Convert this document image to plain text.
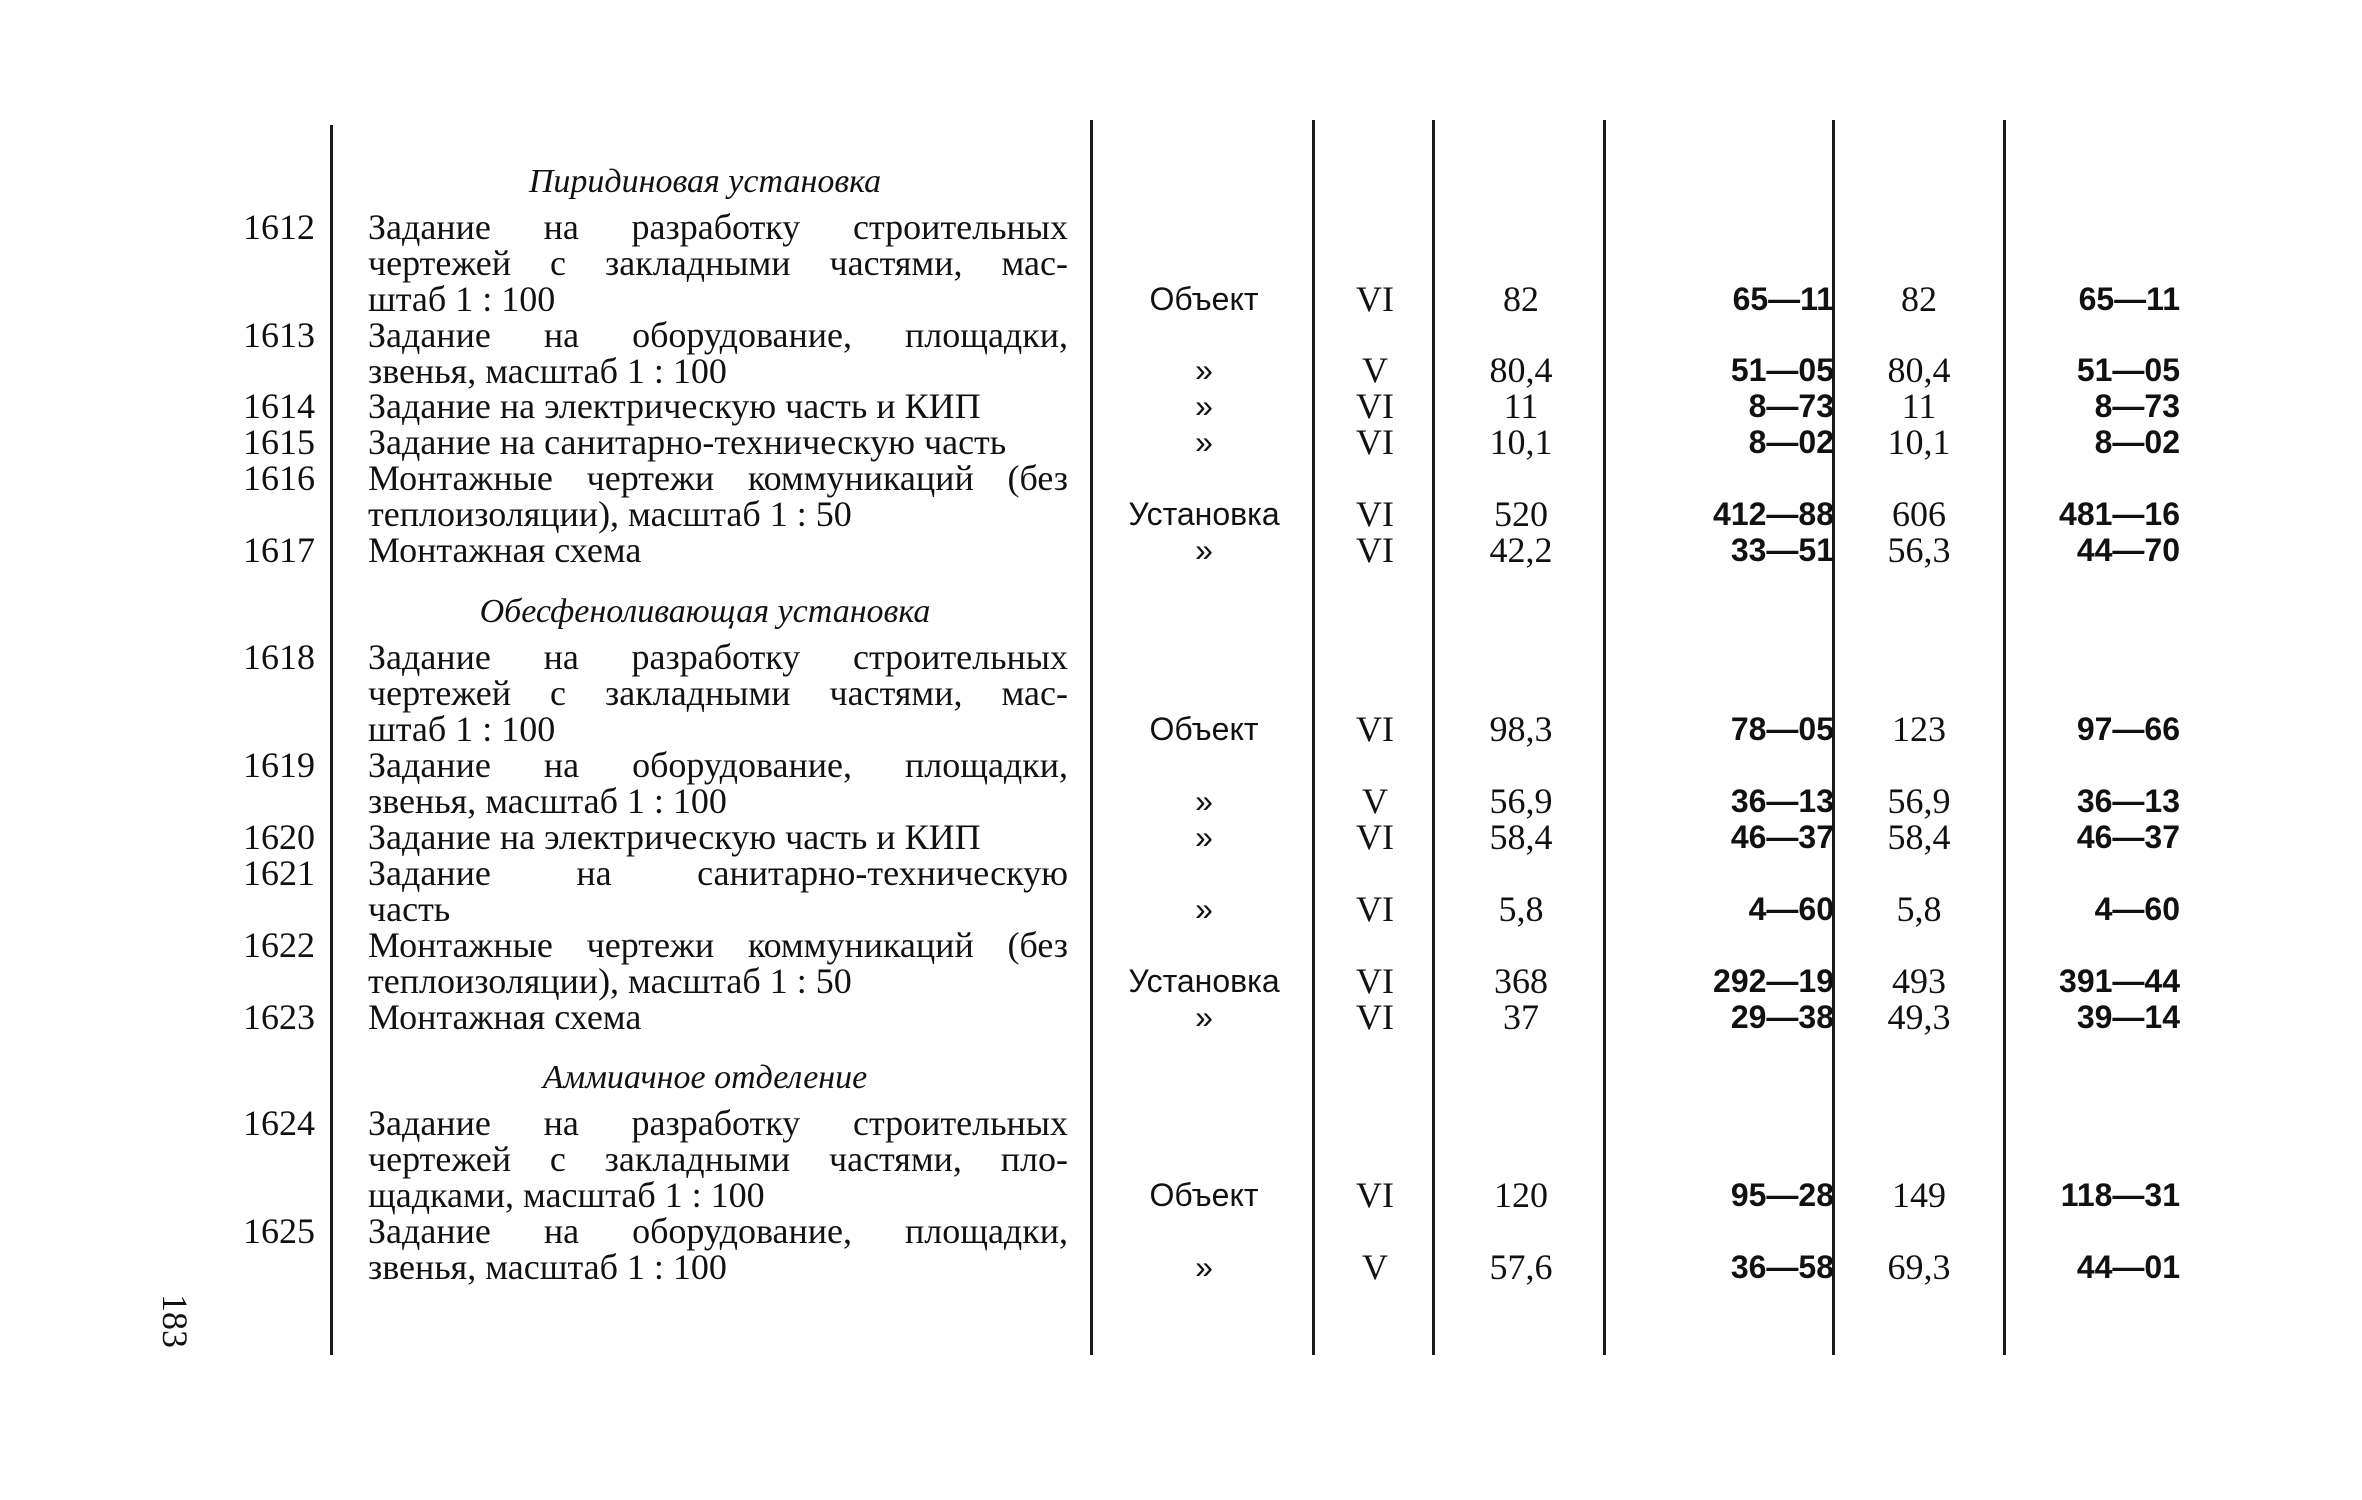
Пиридиновая установка
1612 Задание на разработку строительных
чертежей с закладными частями, мас-
штаб 1 : 100	Объект	VI	82	65—11	82	65—11
1613 Задание на оборудование, площадки,
звенья, масштаб 1 : 100	»	V	80,4	51—05	80,4	51—05
1614 Задание на электрическую часть и КИП	»	VI	11	8—73	11	8—73
1615 Задание на санитарно-техническую часть	»	VI	10,1	8—02	10,1	8—02
1616 Монтажные чертежи коммуникаций (без
теплоизоляции), масштаб 1 : 50	Установка	VI	520	412—88	606	481—16
1617 Монтажная схема	»	VI	42,2	33—51	56,3	44—70
Обесфеноливающая установка
1618 Задание на разработку строительных
чертежей с закладными частями, мас-
штаб 1 : 100	Объект	VI	98,3	78—05	123	97—66
1619 Задание на оборудование, площадки,
звенья, масштаб 1 : 100	»	V	56,9	36—13	56,9	36—13
1620 Задание на электрическую часть и КИП	»	VI	58,4	46—37	58,4	46—37
1621 Задание на санитарно-техническую
часть	»	VI	5,8	4—60	5,8	4—60
1622 Монтажные чертежи коммуникаций (без
теплоизоляции), масштаб 1 : 50	Установка	VI	368	292—19	493	391—44
1623 Монтажная схема	»	VI	37	29—38	49,3	39—14
Аммиачное отделение
1624 Задание на разработку строительных
чертежей с закладными частями, пло-
щадками, масштаб 1 : 100	Объект	VI	120	95—28	149	118—31
1625 Задание на оборудование, площадки,
звенья, масштаб 1 : 100	»	V	57,6	36—58	69,3	44—01
183
